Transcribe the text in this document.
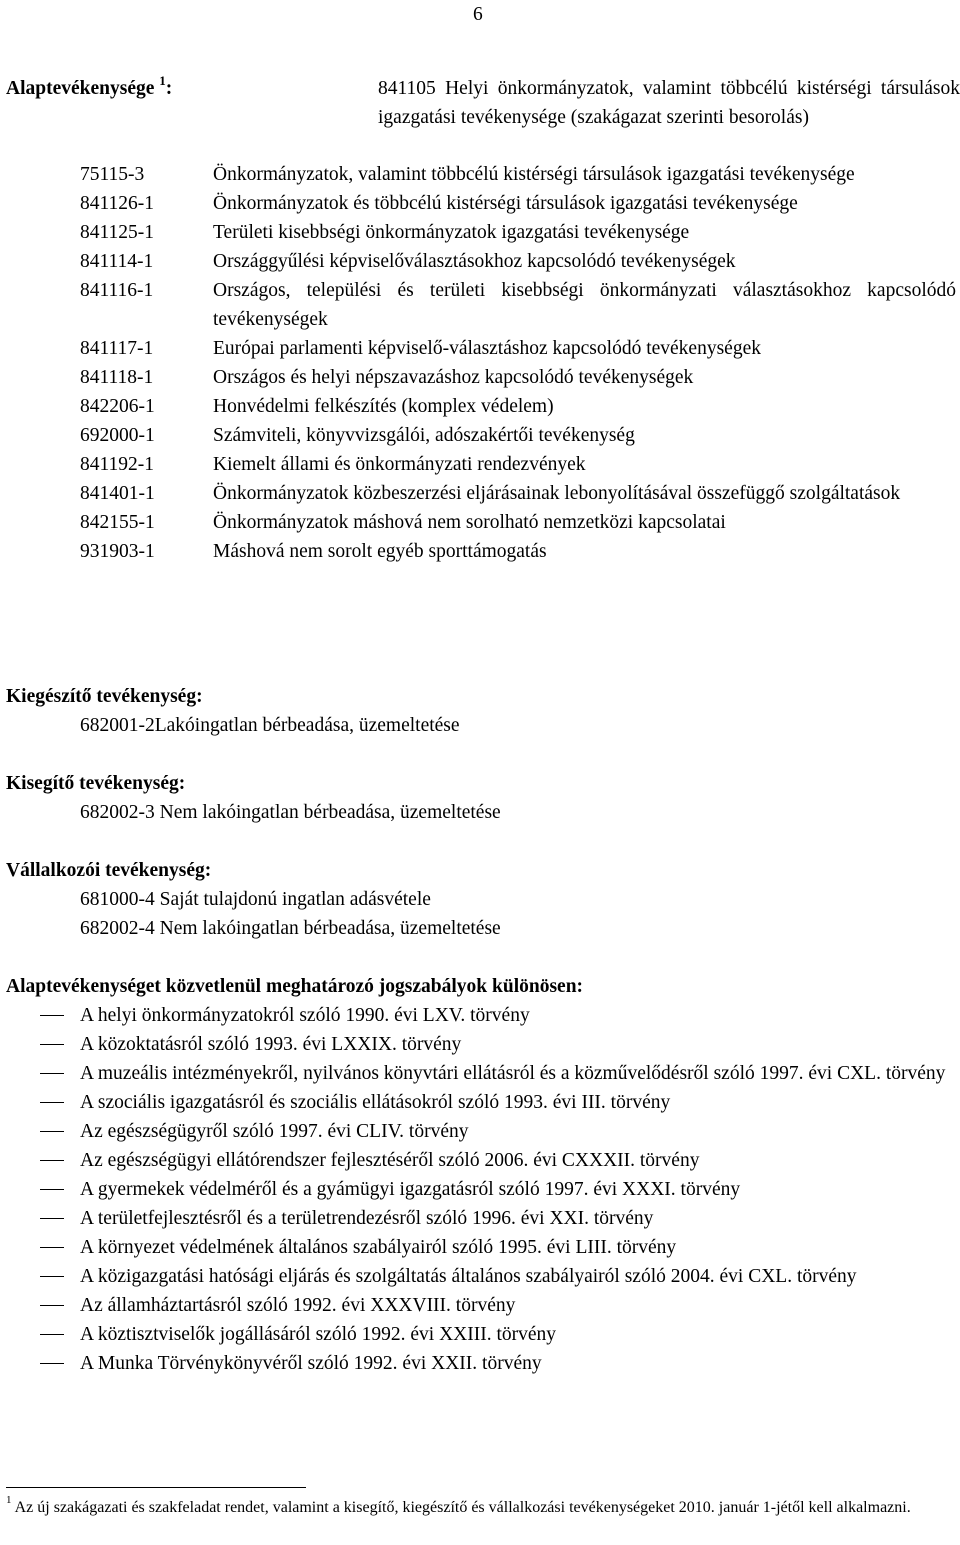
6
Alaptevékenysége $^1$:	841105 Helyi önkormányzatok, valamint többcélú kistérségi társulások igazgatási tevékenysége (szakágazat szerinti besorolás)
75115-3	Önkormányzatok, valamint többcélú kistérségi társulások igazgatási tevékenysége
841126-1	Önkormányzatok és többcélú kistérségi társulások igazgatási tevékenysége
841125-1	Területi kisebbségi önkormányzatok igazgatási tevékenysége
841114-1	Országgyűlési képviselőválasztásokhoz kapcsolódó tevékenységek
841116-1	Országos, települési és területi kisebbségi önkormányzati választásokhoz kapcsolódó tevékenységek
841117-1	Európai parlamenti képviselő-választáshoz kapcsolódó tevékenységek
841118-1	Országos és helyi népszavazáshoz kapcsolódó tevékenységek
842206-1	Honvédelmi felkészítés (komplex védelem)
692000-1	Számviteli, könyvvizsgálói, adószakértői tevékenység
841192-1	Kiemelt állami és önkormányzati rendezvények
841401-1	Önkormányzatok közbeszerzési eljárásainak lebonyolításával összefüggő szolgáltatások
842155-1	Önkormányzatok máshová nem sorolható nemzetközi kapcsolatai
931903-1	Máshová nem sorolt egyéb sporttámogatás
Kiegészítő tevékenység:
682001-2Lakóingatlan bérbeadása, üzemeltetése
Kisegítő tevékenység:
682002-3 Nem lakóingatlan bérbeadása, üzemeltetése
Vállalkozói tevékenység:
681000-4 Saját tulajdonú ingatlan adásvétele
682002-4 Nem lakóingatlan bérbeadása, üzemeltetése
Alaptevékenységet közvetlenül meghatározó jogszabályok különösen:
A helyi önkormányzatokról szóló 1990. évi LXV. törvény
A közoktatásról szóló 1993. évi LXXIX. törvény
A muzeális intézményekről, nyilvános könyvtári ellátásról és a közművelődésről szóló 1997. évi CXL. törvény
A szociális igazgatásról és szociális ellátásokról szóló 1993. évi III. törvény
Az egészségügyről szóló 1997. évi CLIV. törvény
Az egészségügyi ellátórendszer fejlesztéséről szóló 2006. évi CXXXII. törvény
A gyermekek védelméről és a gyámügyi igazgatásról szóló 1997. évi XXXI. törvény
A területfejlesztésről és a területrendezésről szóló 1996. évi XXI. törvény
A környezet védelmének általános szabályairól szóló 1995. évi LIII. törvény
A közigazgatási hatósági eljárás és szolgáltatás általános szabályairól szóló 2004. évi CXL. törvény
Az államháztartásról szóló 1992. évi XXXVIII. törvény
A köztisztviselők jogállásáról szóló 1992. évi XXIII. törvény
A Munka Törvénykönyvéről szóló 1992. évi XXII. törvény
$^1$ Az új szakágazati és szakfeladat rendet, valamint a kisegítő, kiegészítő és vállalkozási tevékenységeket 2010. január 1-jétől kell alkalmazni.
